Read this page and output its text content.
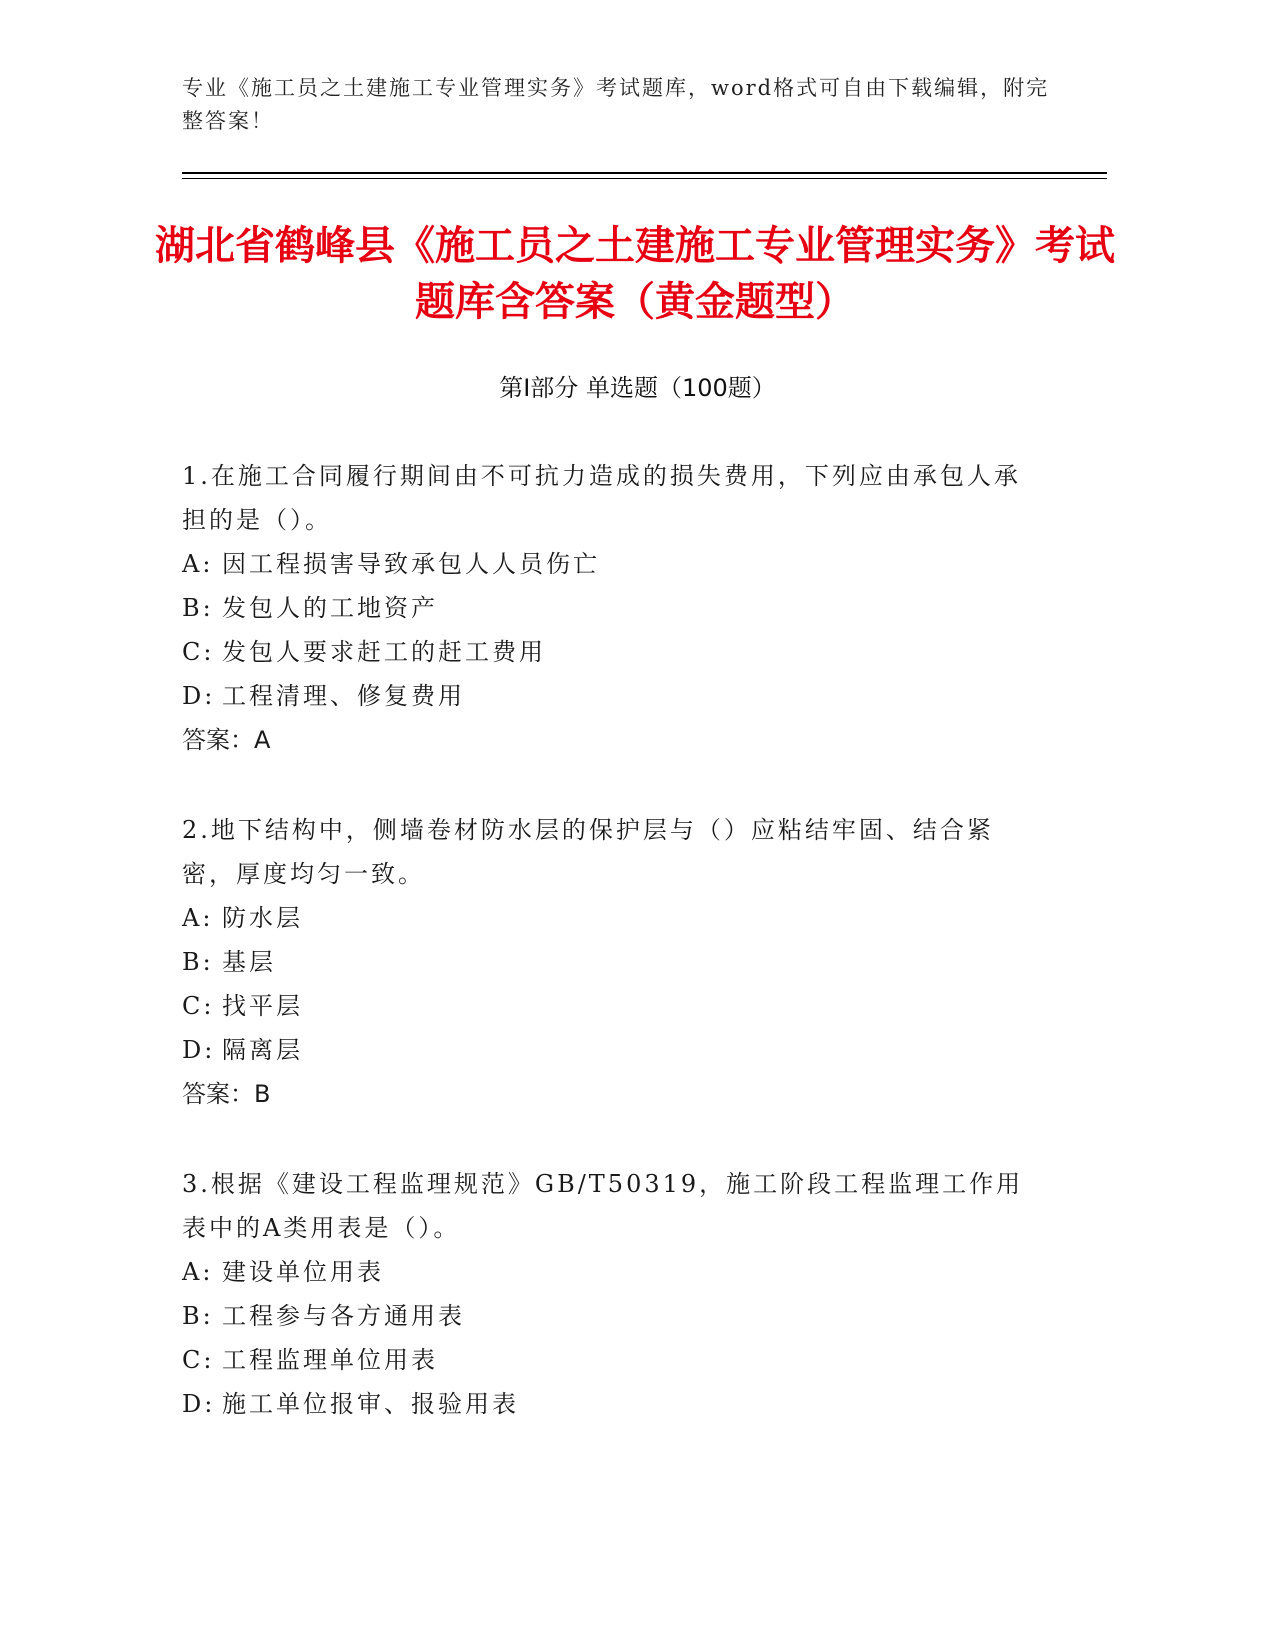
专业《施工员之土建施工专业管理实务》考试题库，word格式可自由下载编辑，附完整答案！
湖北省鹤峰县《施工员之土建施工专业管理实务》考试题库含答案（黄金题型）
第I部分 单选题（100题）
1.在施工合同履行期间由不可抗力造成的损失费用，下列应由承包人承担的是（）。
A: 因工程损害导致承包人人员伤亡
B: 发包人的工地资产
C: 发包人要求赶工的赶工费用
D: 工程清理、修复费用
答案：A
2.地下结构中，侧墙卷材防水层的保护层与（）应粘结牢固、结合紧密，厚度均匀一致。
A: 防水层
B: 基层
C: 找平层
D: 隔离层
答案：B
3.根据《建设工程监理规范》GB/T50319，施工阶段工程监理工作用表中的A类用表是（）。
A: 建设单位用表
B: 工程参与各方通用表
C: 工程监理单位用表
D: 施工单位报审、报验用表
